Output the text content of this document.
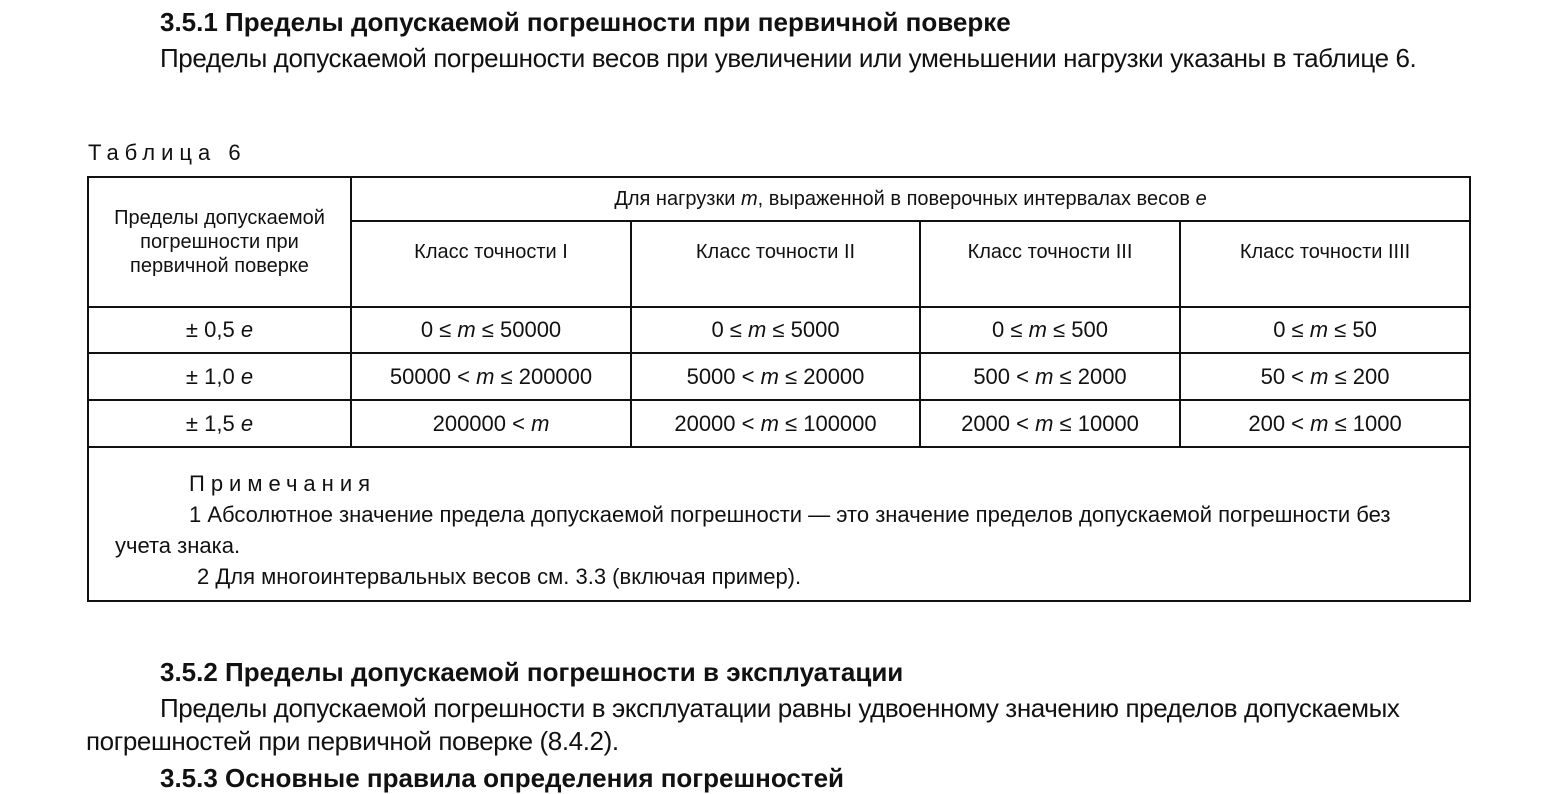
3.5.1 Пределы допускаемой погрешности при первичной поверке

Пределы допускаемой погрешности весов при увеличении или уменьшении нагрузки указаны в таблице 6.

Таблица 6
Пределы допускаемой погрешности при первичной поверке	Для нагрузки m, выраженной в поверочных интервалах весов e			
	Класс точности I	Класс точности II	Класс точности III	Класс точности IIII
± 0,5 e	0 ≤ m ≤ 50000	0 ≤ m ≤ 5000	0 ≤ m ≤ 500	0 ≤ m ≤ 50
± 1,0 e	50000 < m ≤ 200000	5000 < m ≤ 20000	500 < m ≤ 2000	50 < m ≤ 200
± 1,5 e	200000 < m	20000 < m ≤ 100000	2000 < m ≤ 10000	200 < m ≤ 1000

Примечания
1 Абсолютное значение предела допускаемой погрешности — это значение пределов допускаемой погрешности без учета знака.
2 Для многоинтервальных весов см. 3.3 (включая пример).				
3.5.2 Пределы допускаемой погрешности в эксплуатации

Пределы допускаемой погрешности в эксплуатации равны удвоенному значению пределов допускаемых погрешностей при первичной поверке (8.4.2).

3.5.3 Основные правила определения погрешностей
